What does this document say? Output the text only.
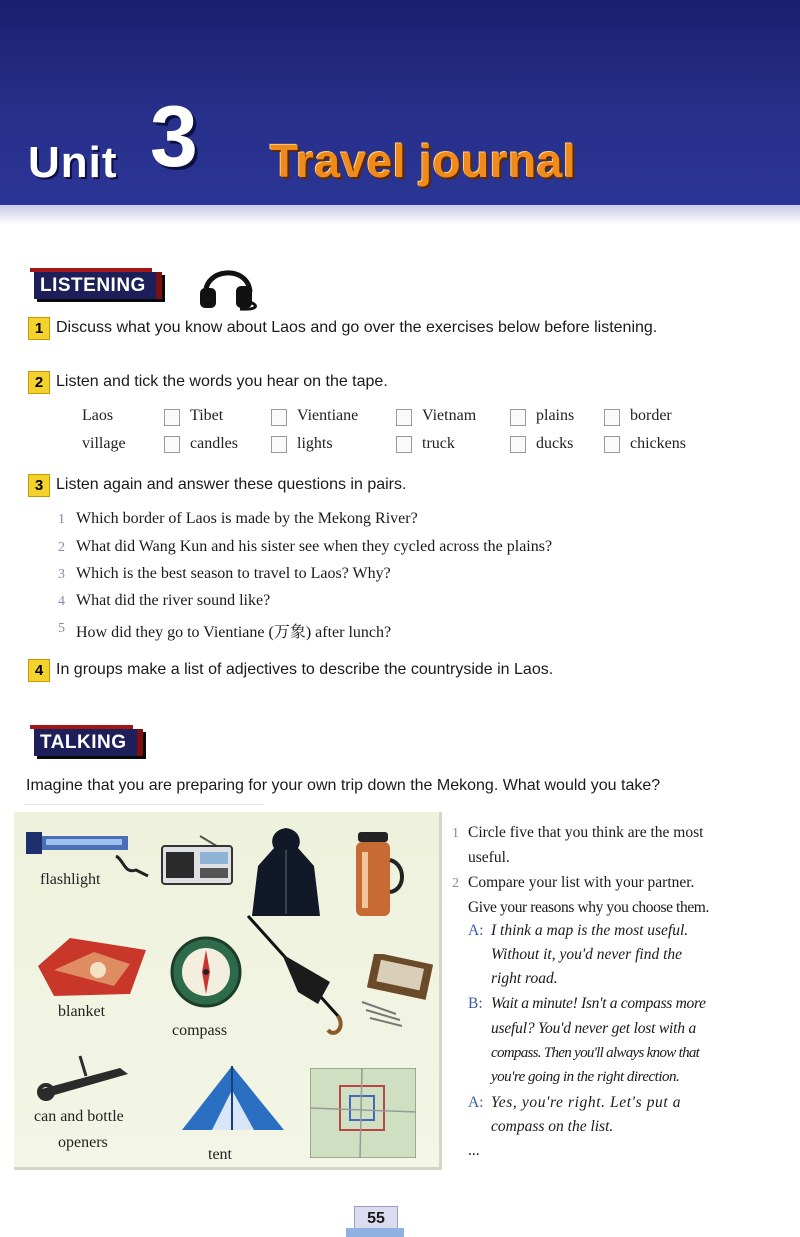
Unit 3 Travel journal
LISTENING
1 Discuss what you know about Laos and go over the exercises below before listening.
2 Listen and tick the words you hear on the tape.
Laos	Tibet	Vientiane	Vietnam	plains	border
village	candles	lights	truck	ducks	chickens
3 Listen again and answer these questions in pairs.
1 Which border of Laos is made by the Mekong River?
2 What did Wang Kun and his sister see when they cycled across the plains?
3 Which is the best season to travel to Laos? Why?
4 What did the river sound like?
5 How did they go to Vientiane (万象) after lunch?
4 In groups make a list of adjectives to describe the countryside in Laos.
TALKING
Imagine that you are preparing for your own trip down the Mekong. What would you take?
flashlight
blanket
compass
can and bottle
openers
tent
1 Circle five that you think are the most
useful.
2 Compare your list with your partner.
Give your reasons why you choose them.
A: I think a map is the most useful.
Without it, you'd never find the
right road.
B: Wait a minute! Isn't a compass more
useful? You'd never get lost with a
compass. Then you'll always know that
you're going in the right direction.
A: Yes, you're right. Let's put a
compass on the list.
...
55
